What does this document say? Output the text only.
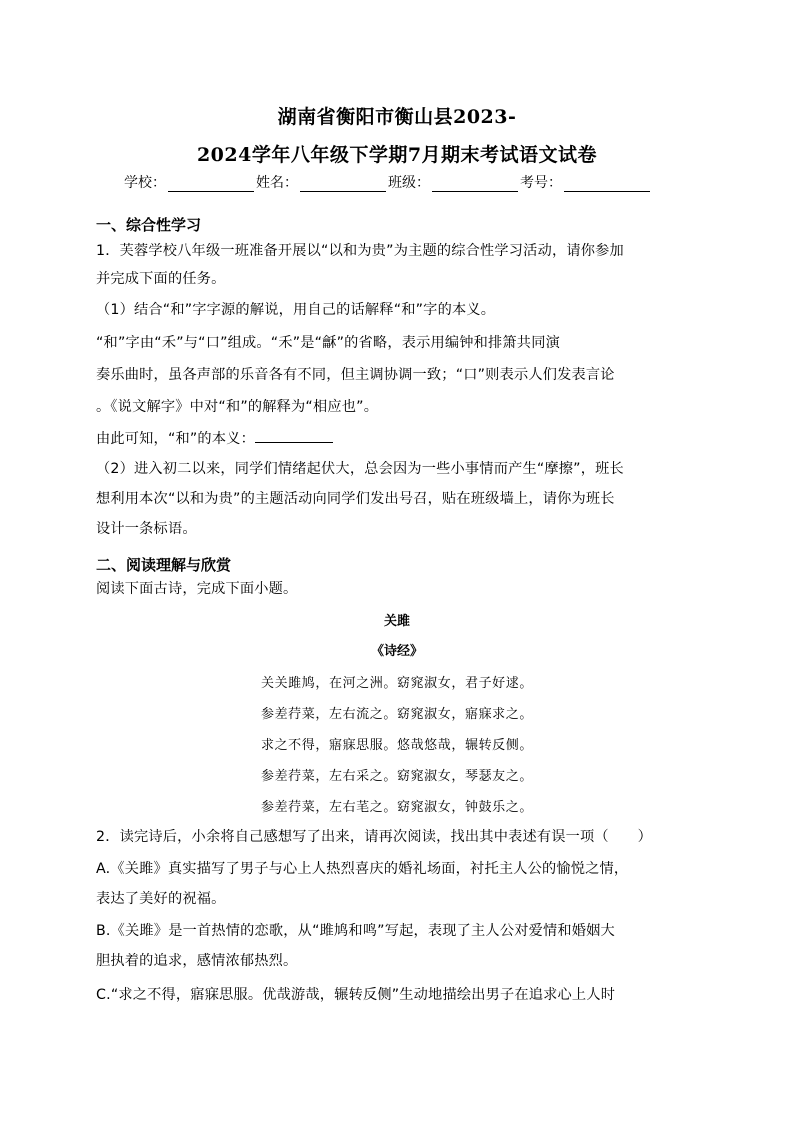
湖南省衡阳市衡山县2023-
2024学年八年级下学期7月期末考试语文试卷
学校：	姓名：	班级：	考号：
一、综合性学习
1．芙蓉学校八年级一班准备开展以“以和为贵”为主题的综合性学习活动，请你参加
并完成下面的任务。
（1）结合“和”字字源的解说，用自己的话解释“和”字的本义。
“和”字由“禾”与“口”组成。“禾”是“龢”的省略，表示用编钟和排箫共同演
奏乐曲时，虽各声部的乐音各有不同，但主调协调一致；“口”则表示人们发表言论
。《说文解字》中对“和”的解释为“相应也”。
由此可知，“和”的本义：
（2）进入初二以来，同学们情绪起伏大，总会因为一些小事情而产生“摩擦”，班长
想利用本次“以和为贵”的主题活动向同学们发出号召，贴在班级墙上，请你为班长
设计一条标语。
二、阅读理解与欣赏
阅读下面古诗，完成下面小题。
关雎
《诗经》
关关雎鸠，在河之洲。窈窕淑女，君子好逑。
参差荇菜，左右流之。窈窕淑女，寤寐求之。
求之不得，寤寐思服。悠哉悠哉，辗转反侧。
参差荇菜，左右采之。窈窕淑女，琴瑟友之。
参差荇菜，左右芼之。窈窕淑女，钟鼓乐之。
2．读完诗后，小余将自己感想写了出来，请再次阅读，找出其中表述有误一项（　　）
A.《关雎》真实描写了男子与心上人热烈喜庆的婚礼场面，衬托主人公的愉悦之情，
表达了美好的祝福。
B.《关雎》是一首热情的恋歌，从“雎鸠和鸣”写起，表现了主人公对爱情和婚姻大
胆执着的追求，感情浓郁热烈。
C.“求之不得，寤寐思服。优哉游哉，辗转反侧”生动地描绘出男子在追求心上人时
